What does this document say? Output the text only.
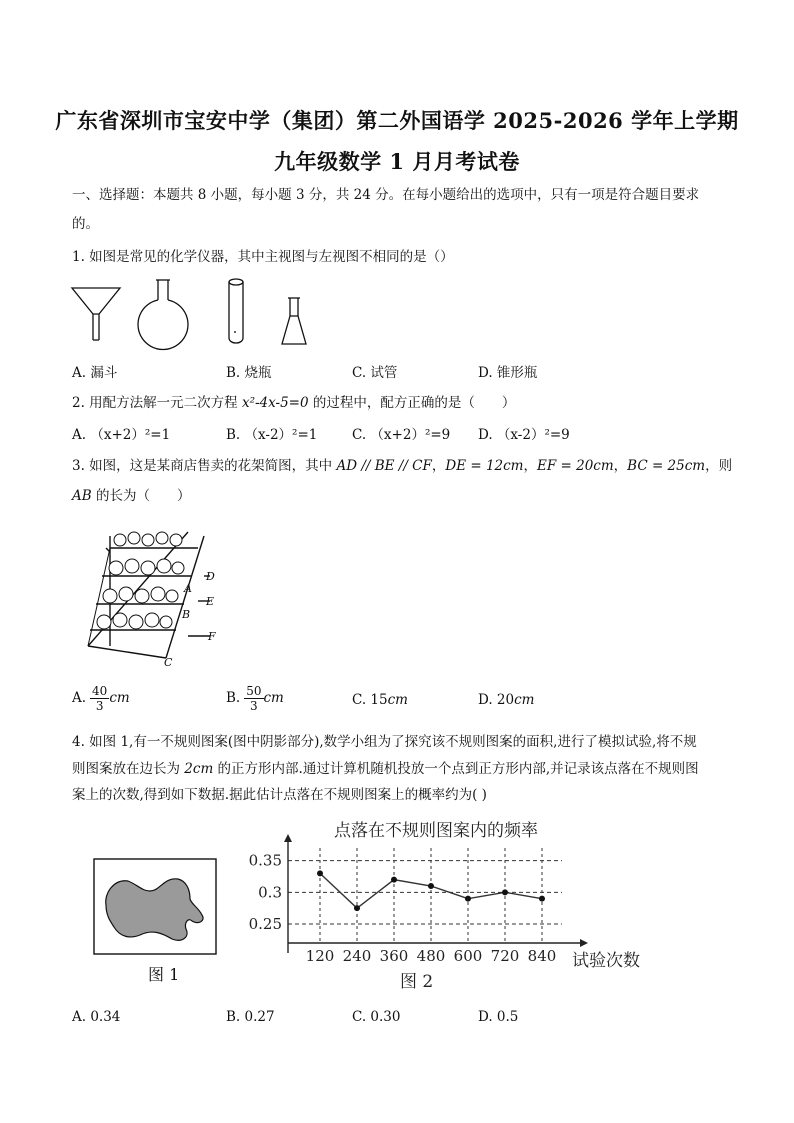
广东省深圳市宝安中学（集团）第二外国语学 2025-2026 学年上学期
九年级数学 1 月月考试卷
一、选择题：本题共 8 小题，每小题 3 分，共 24 分。在每小题给出的选项中，只有一项是符合题目要求
的。
1. 如图是常见的化学仪器，其中主视图与左视图不相同的是（）
A. 漏斗	B. 烧瓶	C. 试管	D. 锥形瓶
2. 用配方法解一元二次方程 x²-4x-5=0 的过程中，配方正确的是（　　）
A. （x+2）²=1	B. （x-2）²=1	C. （x+2）²=9 D. （x-2）²=9
3. 如图，这是某商店售卖的花架简图，其中 AD // BE // CF，DE = 12cm，EF = 20cm，BC = 25cm，则
AB 的长为（　　）
D
A
E
B
F
C
A. $\frac{40}{3}$ cm	B. $\frac{50}{3}$ cm	C. 15cm	D. 20cm
4. 如图 1,有一不规则图案(图中阴影部分),数学小组为了探究该不规则图案的面积,进行了模拟试验,将不规
则图案放在边长为 2cm 的正方形内部.通过计算机随机投放一个点到正方形内部,并记录该点落在不规则图
案上的次数,得到如下数据.据此估计点落在不规则图案上的概率约为( )
图 1
点落在不规则图案内的频率
0.25
0.3
0.35
120 240 360 480 600 720 840 试验次数
图 2
A. 0.34	B. 0.27	C. 0.30	D. 0.5
